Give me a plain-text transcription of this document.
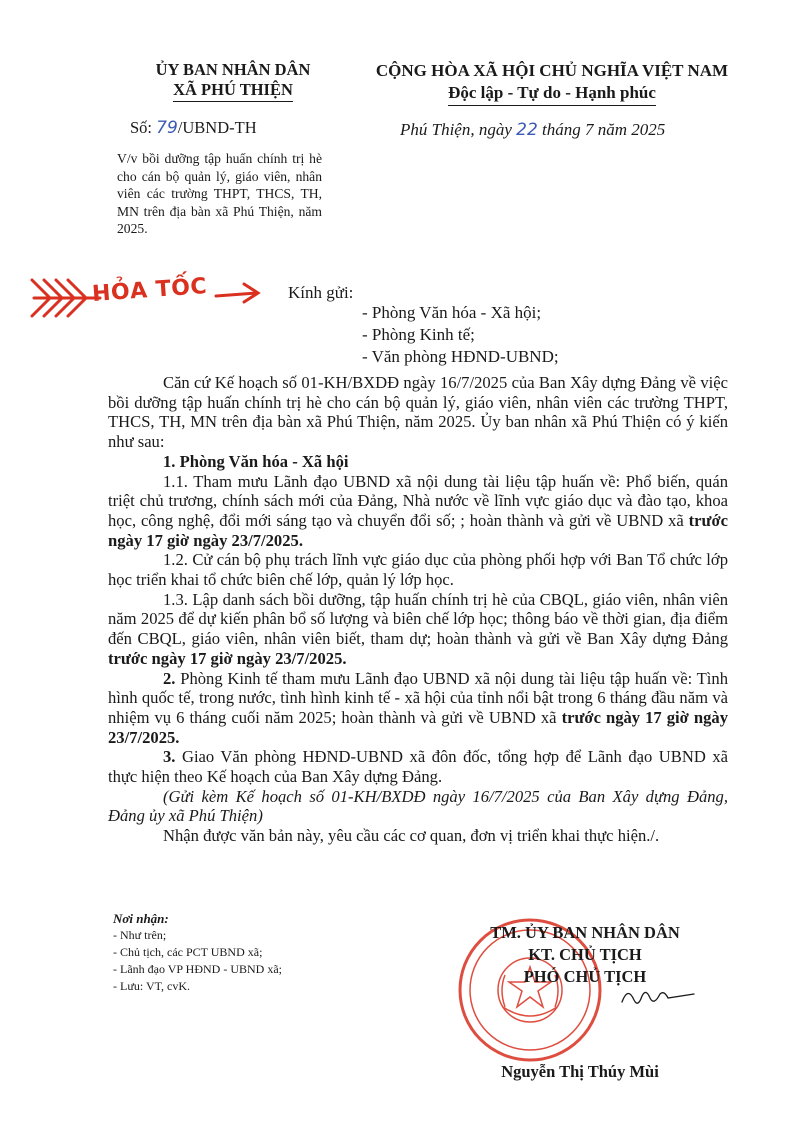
ỦY BAN NHÂN DÂN
XÃ PHÚ THIỆN
CỘNG HÒA XÃ HỘI CHỦ NGHĨA VIỆT NAM
Độc lập - Tự do - Hạnh phúc
Số: 79/UBND-TH	Phú Thiện, ngày 22 tháng 7 năm 2025
V/v bồi dưỡng tập huấn chính trị hè cho cán bộ quản lý, giáo viên, nhân viên các trường THPT, THCS, TH, MN trên địa bàn xã Phú Thiện, năm 2025.
HỎA TỐC	Kính gửi:
- Phòng Văn hóa - Xã hội;
- Phòng Kinh tế;
- Văn phòng HĐND-UBND;

Căn cứ Kế hoạch số 01-KH/BXDĐ ngày 16/7/2025 của Ban Xây dựng Đảng về việc bồi dưỡng tập huấn chính trị hè cho cán bộ quản lý, giáo viên, nhân viên các trường THPT, THCS, TH, MN trên địa bàn xã Phú Thiện, năm 2025. Ủy ban nhân xã Phú Thiện có ý kiến như sau:

1. Phòng Văn hóa - Xã hội

1.1. Tham mưu Lãnh đạo UBND xã nội dung tài liệu tập huấn về: Phổ biến, quán triệt chủ trương, chính sách mới của Đảng, Nhà nước về lĩnh vực giáo dục và đào tạo, khoa học, công nghệ, đổi mới sáng tạo và chuyển đổi số; ; hoàn thành và gửi về UBND xã trước ngày 17 giờ ngày 23/7/2025.

1.2. Cử cán bộ phụ trách lĩnh vực giáo dục của phòng phối hợp với Ban Tổ chức lớp học triển khai tổ chức biên chế lớp, quản lý lớp học.

1.3. Lập danh sách bồi dưỡng, tập huấn chính trị hè của CBQL, giáo viên, nhân viên năm 2025 để dự kiến phân bổ số lượng và biên chế lớp học; thông báo về thời gian, địa điểm đến CBQL, giáo viên, nhân viên biết, tham dự; hoàn thành và gửi về Ban Xây dựng Đảng trước ngày 17 giờ ngày 23/7/2025.

2. Phòng Kinh tế tham mưu Lãnh đạo UBND xã nội dung tài liệu tập huấn về: Tình hình quốc tế, trong nước, tình hình kinh tế - xã hội của tỉnh nổi bật trong 6 tháng đầu năm và nhiệm vụ 6 tháng cuối năm 2025; hoàn thành và gửi về UBND xã trước ngày 17 giờ ngày 23/7/2025.

3. Giao Văn phòng HĐND-UBND xã đôn đốc, tổng hợp để Lãnh đạo UBND xã thực hiện theo Kế hoạch của Ban Xây dựng Đảng.

(Gửi kèm Kế hoạch số 01-KH/BXDĐ ngày 16/7/2025 của Ban Xây dựng Đảng, Đảng ủy xã Phú Thiện)

Nhận được văn bản này, yêu cầu các cơ quan, đơn vị triển khai thực hiện./.

Nơi nhận:
- Như trên;
- Chủ tịch, các PCT UBND xã;
- Lãnh đạo VP HĐND - UBND xã;
- Lưu: VT, cvK.
TM. ỦY BAN NHÂN DÂN
KT. CHỦ TỊCH
PHÓ CHỦ TỊCH
Nguyễn Thị Thúy Mùi
